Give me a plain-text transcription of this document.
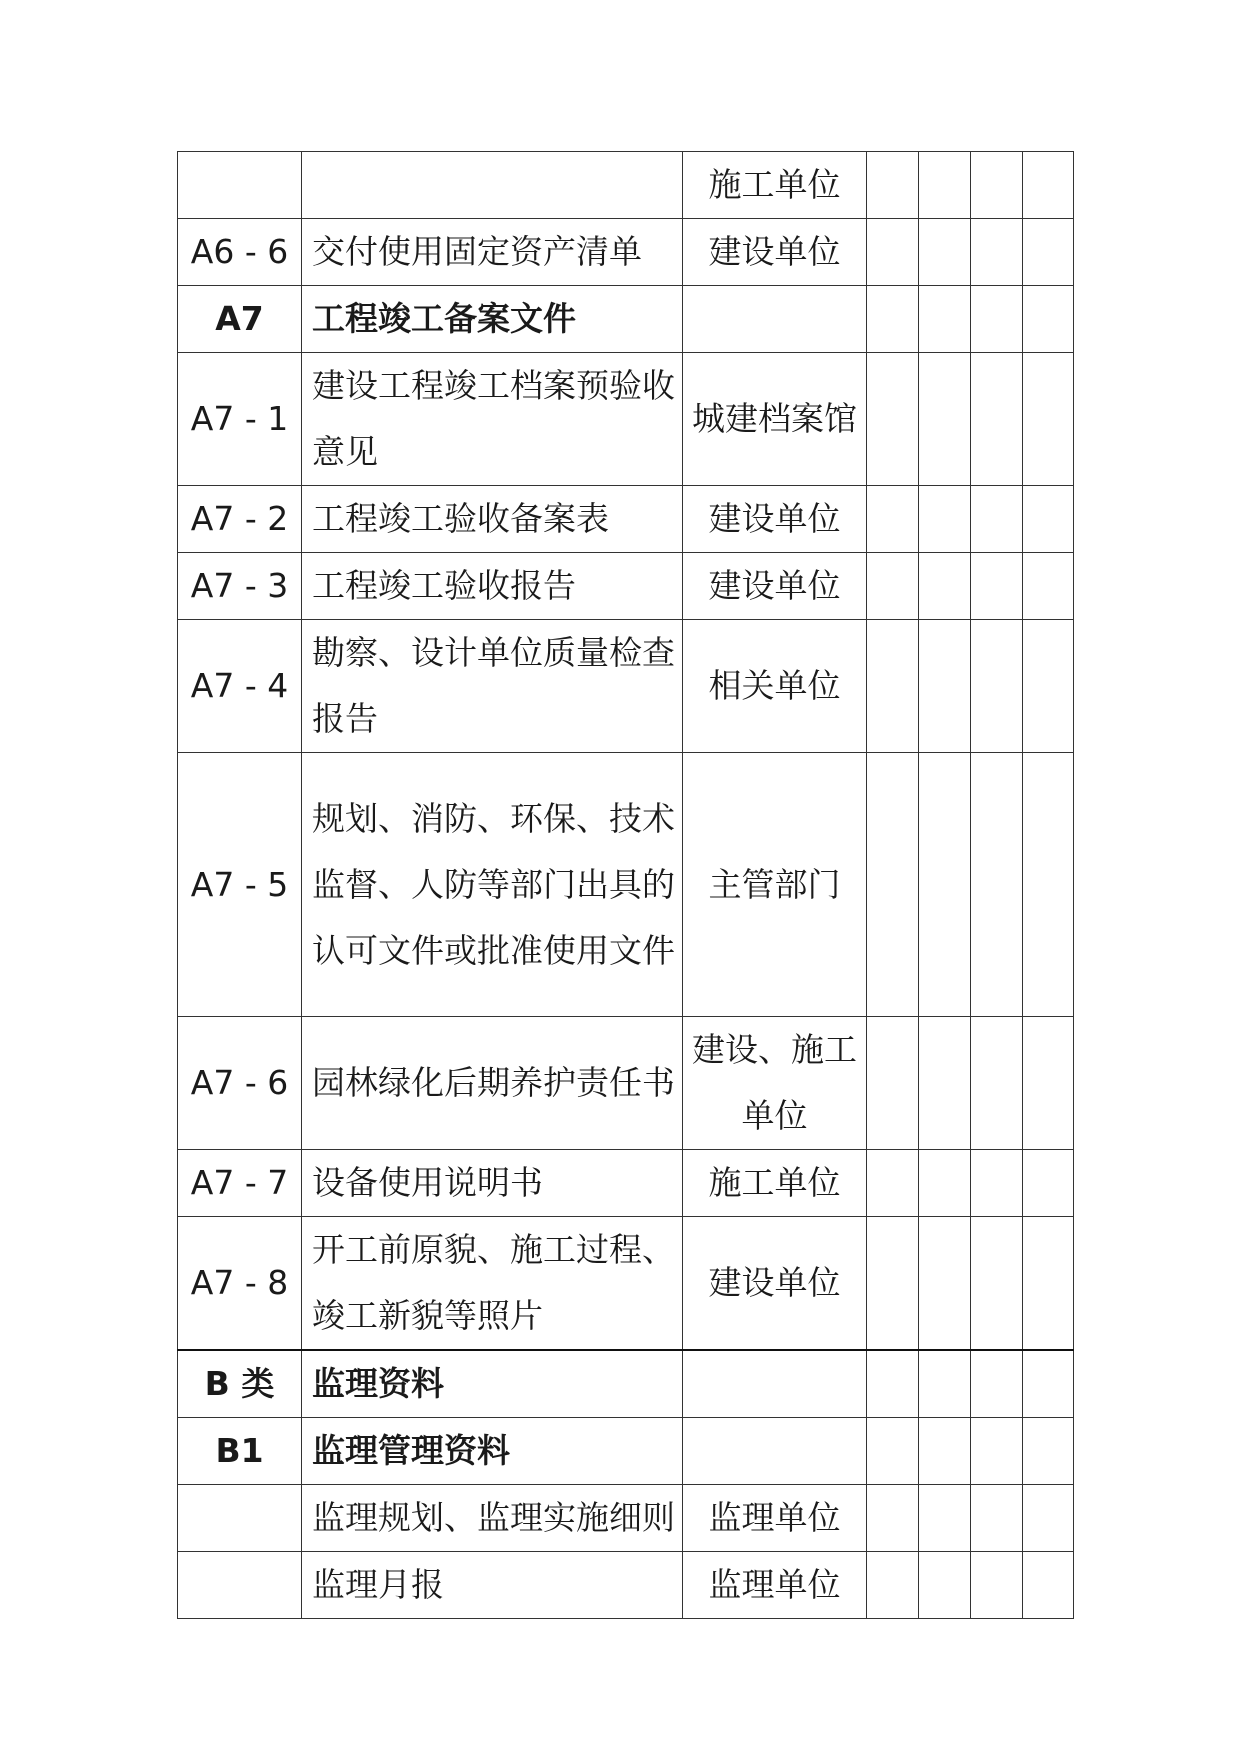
		施工单位				
A6 - 6	交付使用固定资产清单	建设单位				
A7	工程竣工备案文件					
A7 - 1	建设工程竣工档案预验收意见	城建档案馆				
A7 - 2	工程竣工验收备案表	建设单位				
A7 - 3	工程竣工验收报告	建设单位				
A7 - 4	勘察、设计单位质量检查报告	相关单位				
A7 - 5	规划、消防、环保、技术监督、人防等部门出具的认可文件或批准使用文件	主管部门				
A7 - 6	园林绿化后期养护责任书	建设、施工单位				
A7 - 7	设备使用说明书	施工单位				
A7 - 8	开工前原貌、施工过程、竣工新貌等照片	建设单位				
B 类	监理资料					
B1	监理管理资料					
	监理规划、监理实施细则	监理单位				
	监理月报	监理单位				
